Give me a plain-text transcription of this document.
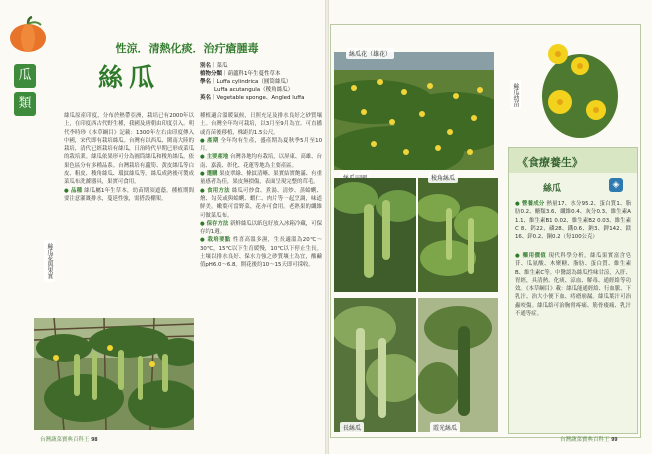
瓜
類
性涼．清熱化痰．治疔瘡腫毒
絲瓜	別名｜菜瓜
植物分類｜葫蘆科1年生蔓性草本
學名｜Luffa cylindrica（圓筒絲瓜）
Luffa acutangula（稜角絲瓜）
英名｜Vegetable sponge、Angled luffa
絲瓜原產印度，分布於熱帶亞洲，栽培已有2000年以上，在印度西古代野生種，我國及唐朝由印度引入。明代李時珍《本草綱目》記載：1300年左右由印度傳入中國，宋代即有栽培絲瓜。台灣有以西瓜、閩南大陸的栽培，清代已經栽培有絲瓜，日治時代早期已形成菜瓜的栽培業。絲瓜依果形可分為圓筒絲瓜和稜角絲瓜，依果色區分有多種品系。台灣栽培有蘆筍、黃皮絲瓜等白皮、粗皮、稜角絲瓜、環紋絲瓜等。絲瓜成熟後可製成菜瓜布洗滌器具，果實可食用。
● 品種 絲瓜屬1年生草本，幼苗期須遮蔭。種植期間要注意灌溉排水，蔓延性強，需搭設棚架。
種植適合溫暖氣候，日照充足及排水良好之砂質壤土。台灣全年均可栽培，以3月至9月為宜。可直播或育苗後移植，株距約1.5公尺。
● 產期 全年均有生產，盛產期為夏秋季5月至10月。
● 主要產地 台灣各地均有栽培，以屏東、高雄、台南、嘉義、彰化、花蓮等地為主要產區。
● 選購 果皮翠綠、條紋清晰、果實結實飽滿、有重量感者為佳，果皮無損傷，表面呈現完整的茸毛。
● 食用方法 絲瓜可炒食、煮湯、清炒、蒸蛤蜊、燴、勾芡或與蛤蜊、蝦仁、肉片等一起烹調，味道鮮美。嫩葉可當野菜，花亦可食用。老熟果的纖維可做菜瓜布。
● 保存方法 新鮮絲瓜以紙包好放入冰箱冷藏，可保存約1週。
● 栽培要點 性喜高溫多濕，生長適溫為20℃～30℃，15℃以下生育緩慢，10℃以下停止生長。土壤以排水良好、保水力強之砂質壤土為宜，酸鹼值pH6.0～6.8。開花後約10～15天即可採收。
絲瓜花與果實
台灣蔬菜寶典百科王 98
絲瓜花（雄花）
稜角絲瓜
長絲瓜	霞光絲瓜
絲瓜幼苗
《食療養生》
絲瓜	◈
● 營養成分 熱量17、水分95.2、蛋白質1、脂肪0.2、醣類3.6、纖維0.4、灰分0.3、維生素A 1.1、維生素B1 0.02、維生素B2 0.03、維生素C 8、鈣22、磷28、鐵0.6、鈉3、鉀142、鎂16、鋅0.2、銅0.2（每100公克）
● 藥用價值 現代科學分析，絲瓜果實富含皂苷、瓜氨酸、木聚糖、脂肪、蛋白質、維生素B、維生素C等。中醫認為絲瓜性味甘涼，入肝、胃經，具清熱、化痰、涼血、解毒、通經絡等功效。《本草綱目》載：絲瓜能通經絡、行血脈、下乳汁、治大小便下血、痔瘡崩漏。絲瓜葉汁可治蟲咬傷。絲瓜絡可治胸脅疼痛、筋骨痠痛、乳汁不通等症。
台灣蔬菜寶典百科王 99
